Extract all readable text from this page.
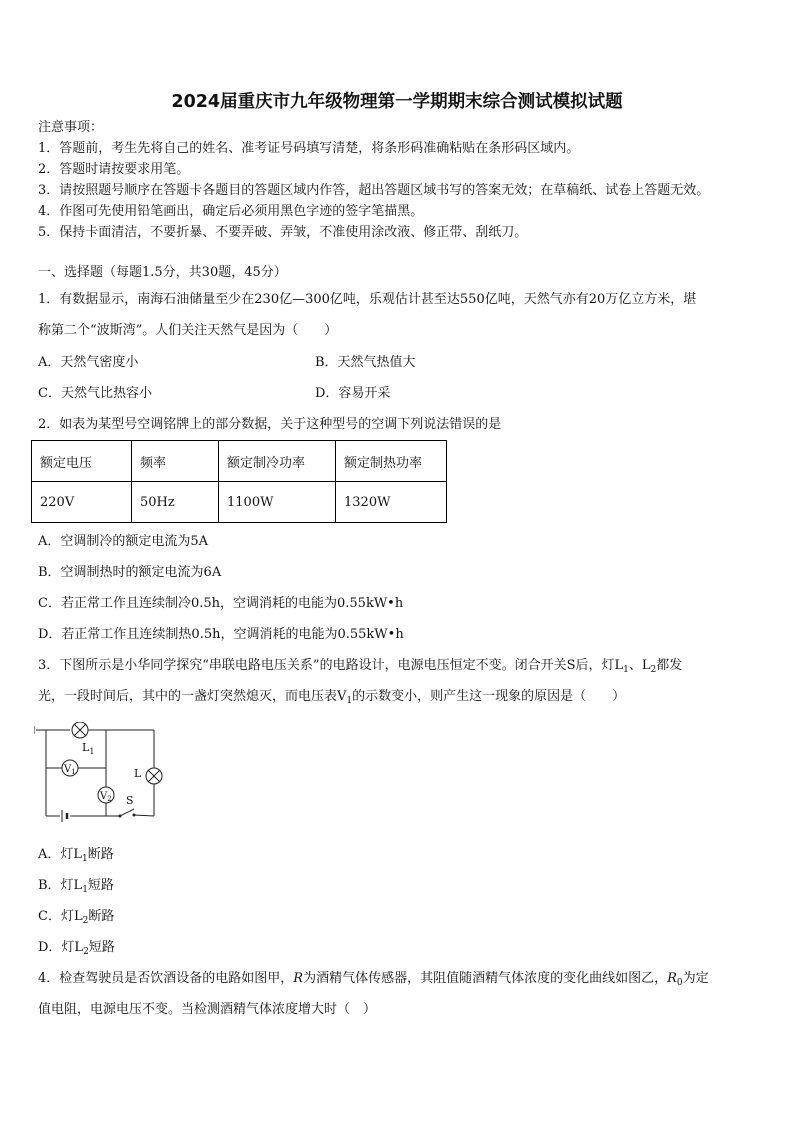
2024届重庆市九年级物理第一学期期末综合测试模拟试题
注意事项：
1．答题前，考生先将自己的姓名、准考证号码填写清楚，将条形码准确粘贴在条形码区域内。
2．答题时请按要求用笔。
3．请按照题号顺序在答题卡各题目的答题区域内作答，超出答题区域书写的答案无效；在草稿纸、试卷上答题无效。
4．作图可先使用铅笔画出，确定后必须用黑色字迹的签字笔描黑。
5．保持卡面清洁，不要折暴、不要弄破、弄皱，不准使用涂改液、修正带、刮纸刀。
一、选择题（每题1.5分，共30题，45分）
1．有数据显示，南海石油储量至少在230亿—300亿吨，乐观估计甚至达550亿吨，天然气亦有20万亿立方米，堪
称第二个“波斯湾”。人们关注天然气是因为（　　）
A．天然气密度小	B．天然气热值大
C．天然气比热容小	D．容易开采
2．如表为某型号空调铭牌上的部分数据，关于这种型号的空调下列说法错误的是
额定电压	频率	额定制冷功率	额定制热功率
220V	50Hz	1100W	1320W
A．空调制冷的额定电流为5A
B．空调制热时的额定电流为6A
C．若正常工作且连续制冷0.5h，空调消耗的电能为0.55kW•h
D．若正常工作且连续制热0.5h，空调消耗的电能为0.55kW•h
3．下图所示是小华同学探究“串联电路电压关系”的电路设计，电源电压恒定不变。闭合开关S后，灯$L_1$、$L_2$都发
光，一段时间后，其中的一盏灯突然熄灭，而电压表$V_1$的示数变小，则产生这一现象的原因是（　　）
$L_1$
L
$V_1$
$V_2$ S
A．灯$L_1$断路
B．灯$L_1$短路
C．灯$L_2$断路
D．灯$L_2$短路
4．检查驾驶员是否饮酒设备的电路如图甲，R为酒精气体传感器，其阻值随酒精气体浓度的变化曲线如图乙，$R_0$为定
值电阻，电源电压不变。当检测酒精气体浓度增大时（　）
